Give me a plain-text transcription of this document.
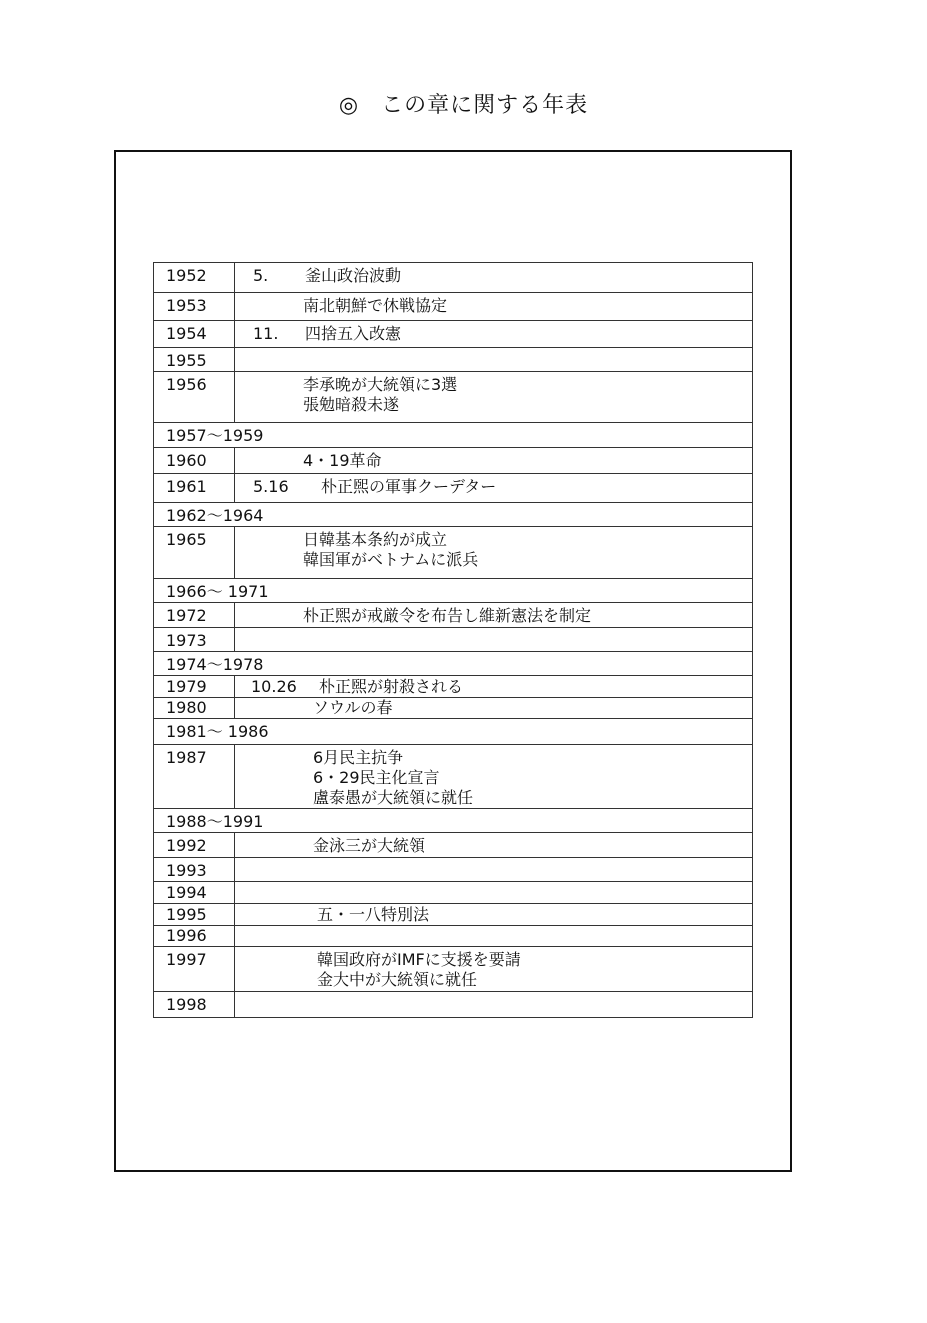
◎ この章に関する年表
1952	5. 釜山政治波動

1953	南北朝鮮で休戦協定

1954	11. 四捨五入改憲

1955	
1956	李承晩が大統領に3選
張勉暗殺未遂

1957～1959	
1960	4・19革命

1961	5.16 朴正煕の軍事クーデター

1962～1964	
1965	日韓基本条約が成立
韓国軍がベトナムに派兵

1966～ 1971	
1972	朴正煕が戒厳令を布告し維新憲法を制定

1973	
1974～1978	
1979	10.26 朴正煕が射殺される

1980	ソウルの春

1981～ 1986	
1987	6月民主抗争
6・29民主化宣言
盧泰愚が大統領に就任

1988～1991	
1992	金泳三が大統領

1993	
1994	
1995	五・一八特別法

1996	
1997	韓国政府がIMFに支援を要請
金大中が大統領に就任

1998	
